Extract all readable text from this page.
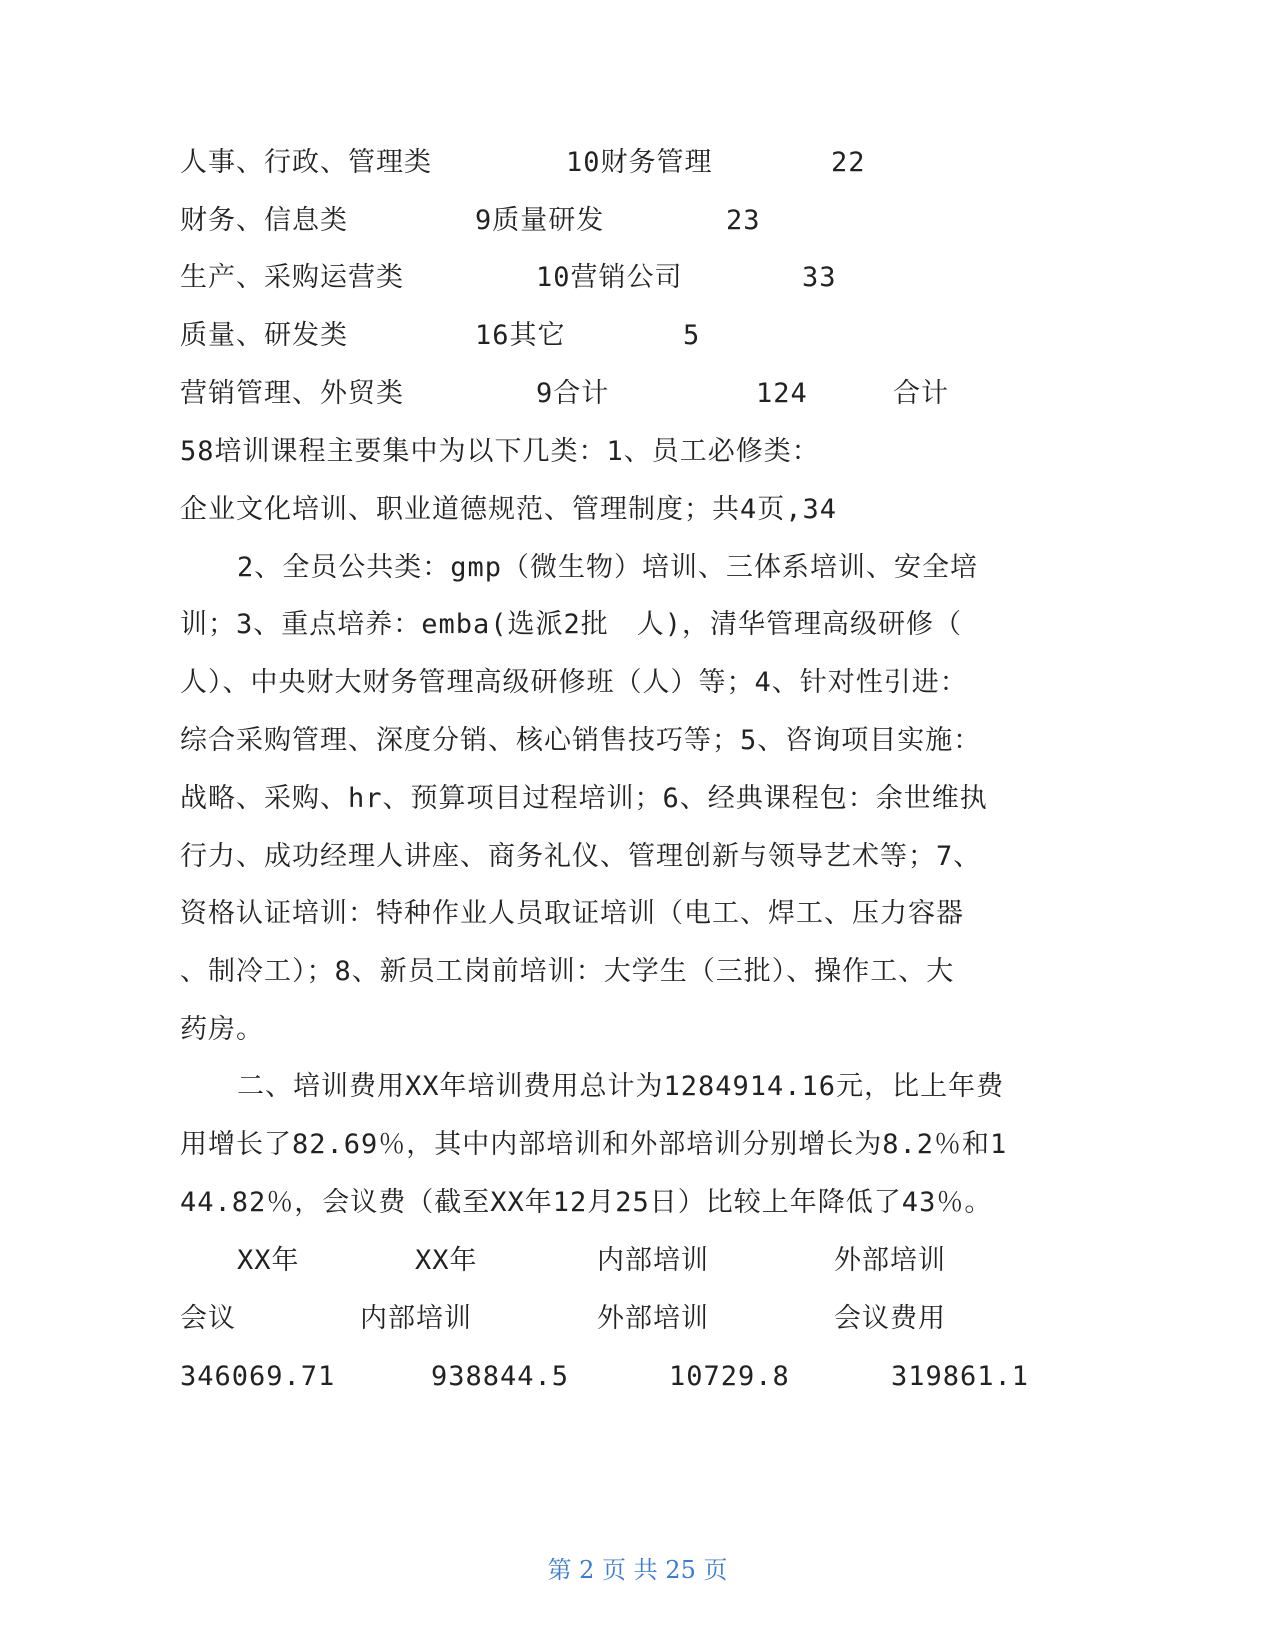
人事、行政、管理类	10财务管理	22
财务、信息类	9质量研发	23
生产、采购运营类	10营销公司	33
质量、研发类	16其它	5
营销管理、外贸类	9合计	124	合计
58培训课程主要集中为以下几类：1、员工必修类：
企业文化培训、职业道德规范、管理制度；共4页,34
2、全员公共类：gmp（微生物）培训、三体系培训、安全培
训；3、重点培养：emba(选派2批　人)，清华管理高级研修（
人）、中央财大财务管理高级研修班（人）等；4、针对性引进：
综合采购管理、深度分销、核心销售技巧等；5、咨询项目实施：
战略、采购、hr、预算项目过程培训；6、经典课程包：余世维执
行力、成功经理人讲座、商务礼仪、管理创新与领导艺术等；7、
资格认证培训：特种作业人员取证培训（电工、焊工、压力容器
、制冷工）；8、新员工岗前培训：大学生（三批）、操作工、大
药房。
二、培训费用XX年培训费用总计为1284914.16元，比上年费
用增长了82.69％，其中内部培训和外部培训分别增长为8.2％和1
44.82％，会议费（截至XX年12月25日）比较上年降低了43％。
XX年	XX年	内部培训	外部培训
会议	内部培训	外部培训	会议费用
346069.71	938844.5	10729.8	319861.1
第 2 页 共 25 页
